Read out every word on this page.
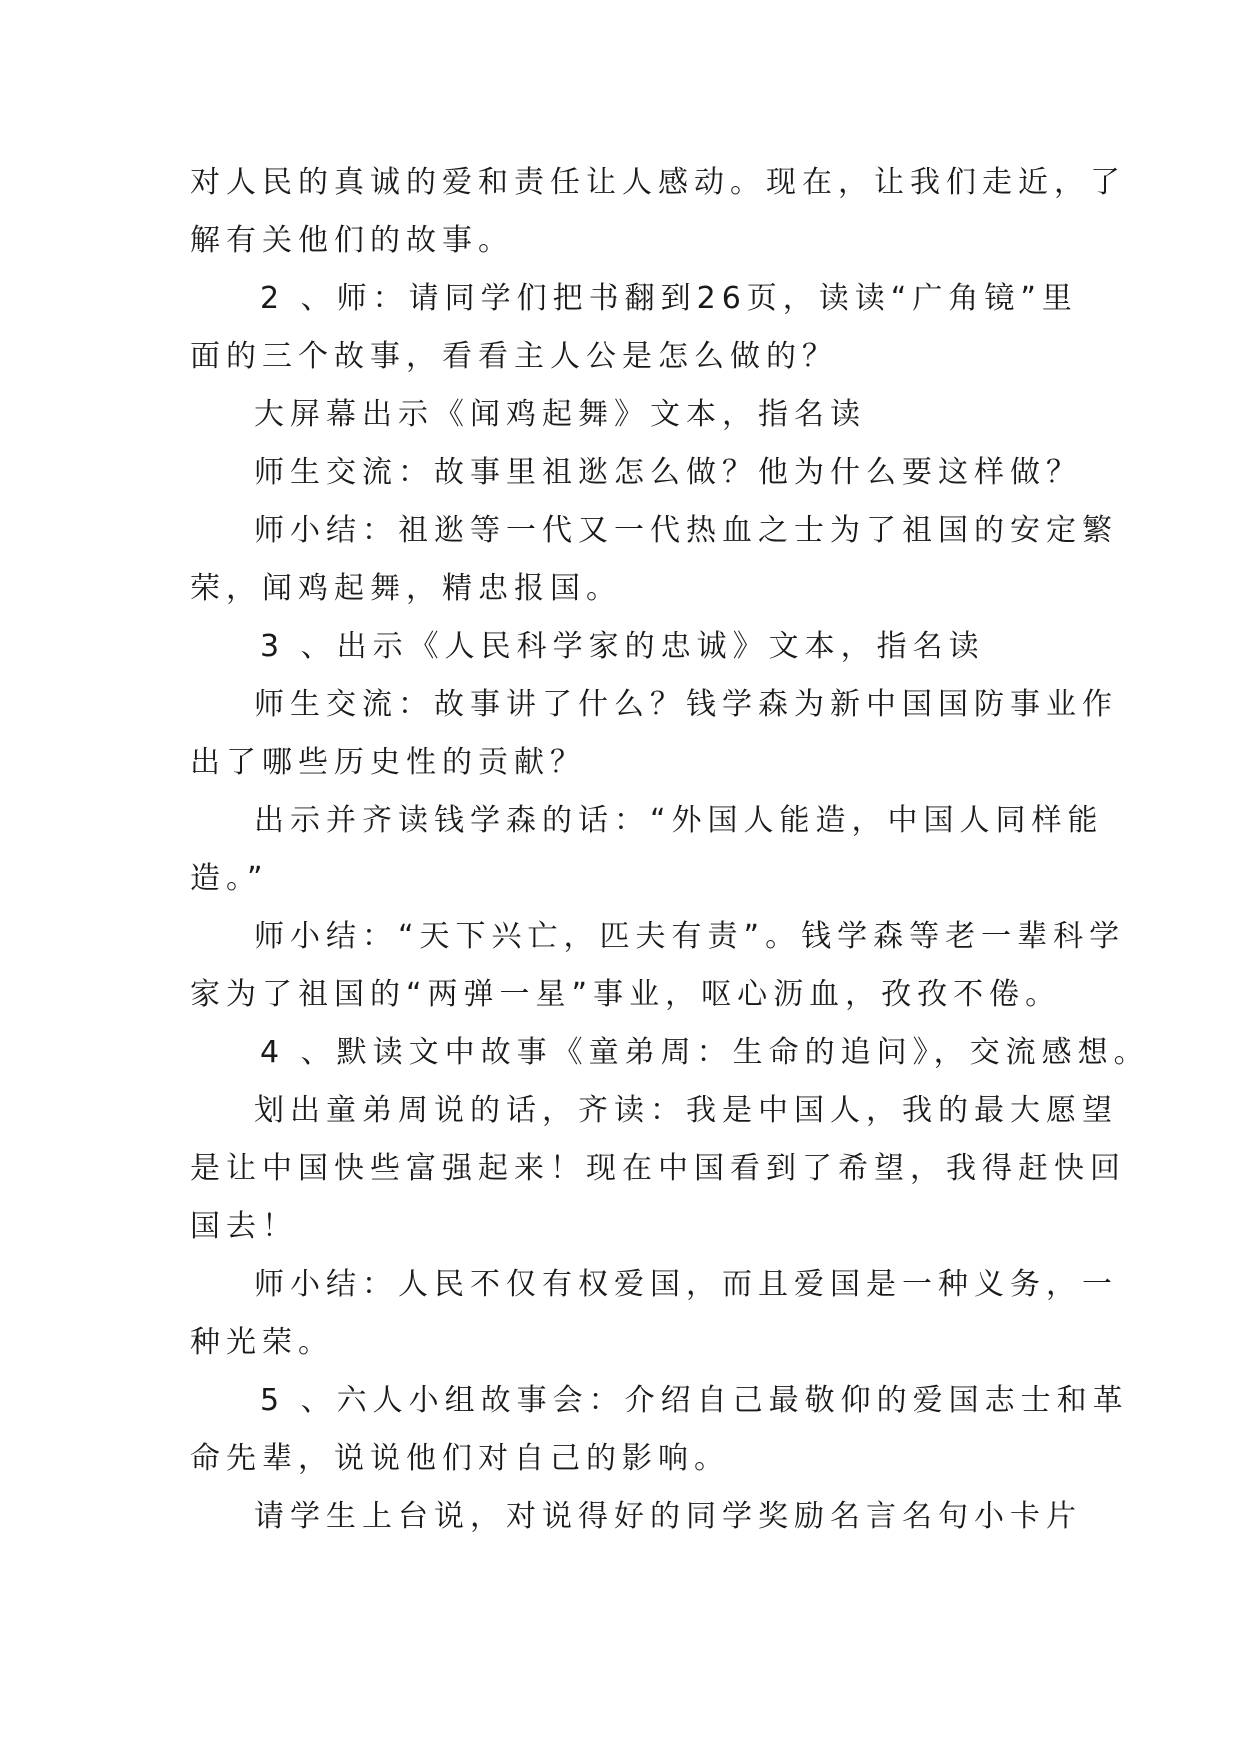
对人民的真诚的爱和责任让人感动。现在，让我们走近，了
解有关他们的故事。
2 、师：请同学们把书翻到26页，读读“广角镜”里
面的三个故事，看看主人公是怎么做的？
大屏幕出示《闻鸡起舞》文本，指名读
师生交流：故事里祖逖怎么做？他为什么要这样做？
师小结：祖逖等一代又一代热血之士为了祖国的安定繁
荣，闻鸡起舞，精忠报国。
3 、出示《人民科学家的忠诚》文本，指名读
师生交流：故事讲了什么？钱学森为新中国国防事业作
出了哪些历史性的贡献？
出示并齐读钱学森的话：“外国人能造，中国人同样能
造。”
师小结：“天下兴亡，匹夫有责”。钱学森等老一辈科学
家为了祖国的“两弹一星”事业，呕心沥血，孜孜不倦。
4 、默读文中故事《童弟周：生命的追问》，交流感想。
划出童弟周说的话，齐读：我是中国人，我的最大愿望
是让中国快些富强起来！现在中国看到了希望，我得赶快回
国去！
师小结：人民不仅有权爱国，而且爱国是一种义务，一
种光荣。
5 、六人小组故事会：介绍自己最敬仰的爱国志士和革
命先辈，说说他们对自己的影响。
请学生上台说，对说得好的同学奖励名言名句小卡片
